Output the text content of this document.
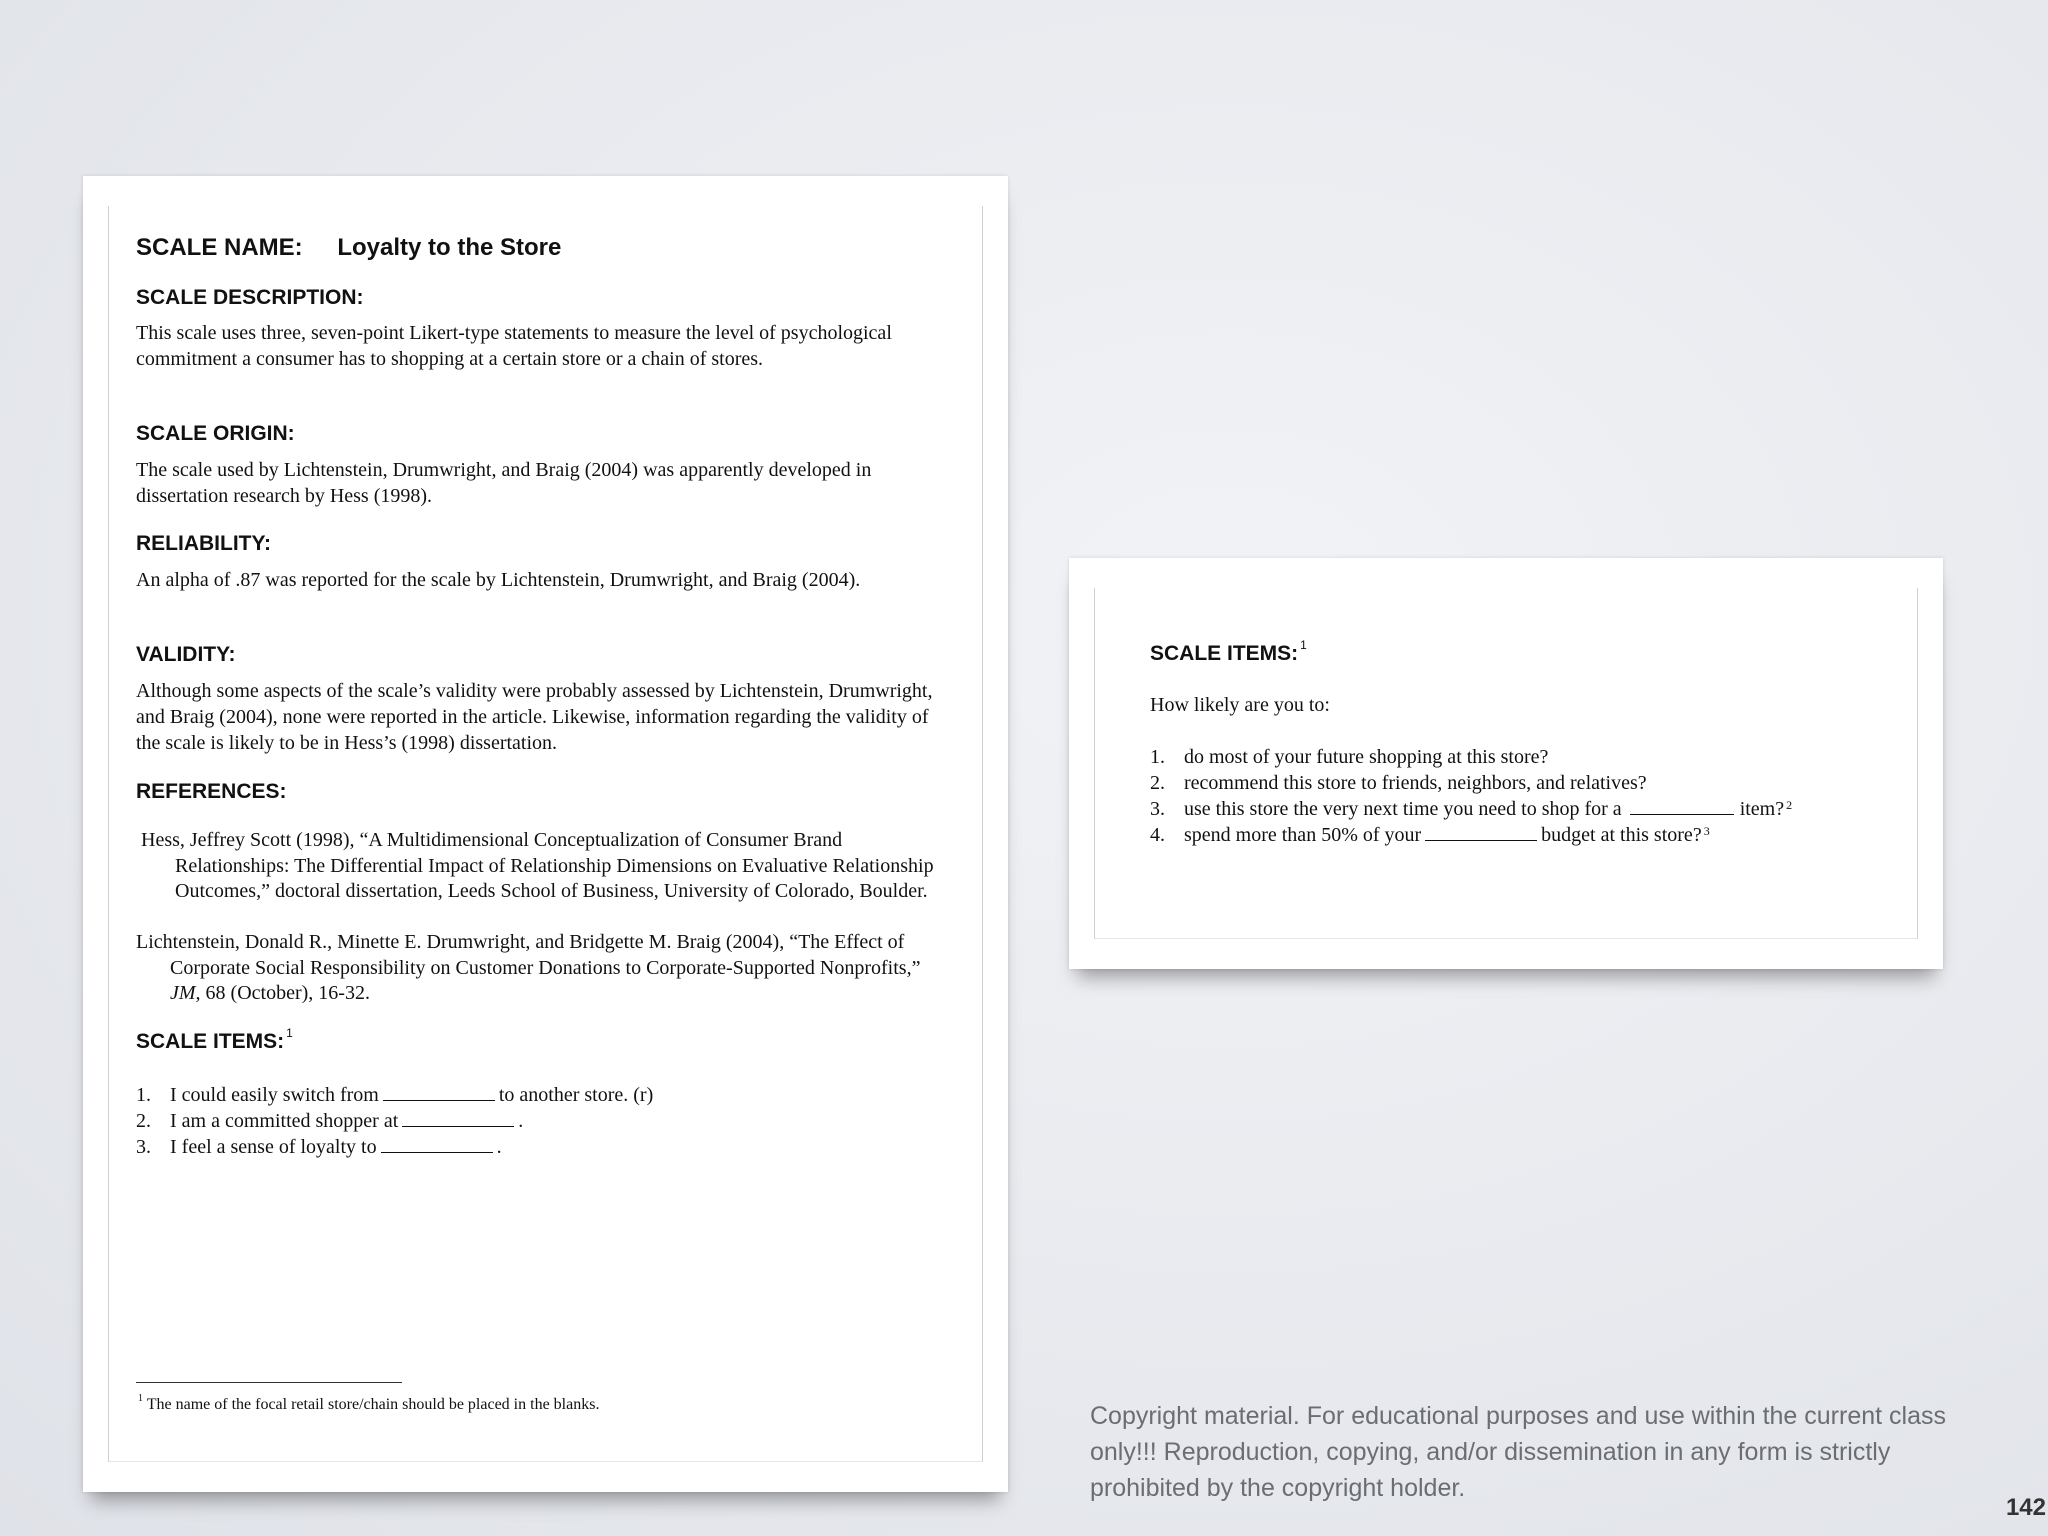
SCALE NAME: Loyalty to the Store
SCALE DESCRIPTION:
This scale uses three, seven-point Likert-type statements to measure the level of psychological commitment a consumer has to shopping at a certain store or a chain of stores.
SCALE ORIGIN:
The scale used by Lichtenstein, Drumwright, and Braig (2004) was apparently developed in dissertation research by Hess (1998).
RELIABILITY:
An alpha of .87 was reported for the scale by Lichtenstein, Drumwright, and Braig (2004).
VALIDITY:
Although some aspects of the scale’s validity were probably assessed by Lichtenstein, Drumwright, and Braig (2004), none were reported in the article. Likewise, information regarding the validity of the scale is likely to be in Hess’s (1998) dissertation.
REFERENCES:
Hess, Jeffrey Scott (1998), “A Multidimensional Conceptualization of Consumer Brand Relationships: The Differential Impact of Relationship Dimensions on Evaluative Relationship Outcomes,” doctoral dissertation, Leeds School of Business, University of Colorado, Boulder.
Lichtenstein, Donald R., Minette E. Drumwright, and Bridgette M. Braig (2004), “The Effect of Corporate Social Responsibility on Customer Donations to Corporate-Supported Nonprofits,” JM, 68 (October), 16-32.
SCALE ITEMS: $^1$
1. I could easily switch from	to another store. (r)
2. I am a committed shopper at	.
3. I feel a sense of loyalty to	.
$^1$ The name of the focal retail store/chain should be placed in the blanks.
SCALE ITEMS: $^1$
How likely are you to:
1. do most of your future shopping at this store?
2. recommend this store to friends, neighbors, and relatives?
3. use this store the very next time you need to shop for a	item? $^2$
4. spend more than 50% of your	budget at this store? $^3$
Copyright material. For educational purposes and use within the current class only!!! Reproduction, copying, and/or dissemination in any form is strictly prohibited by the copyright holder.
142
